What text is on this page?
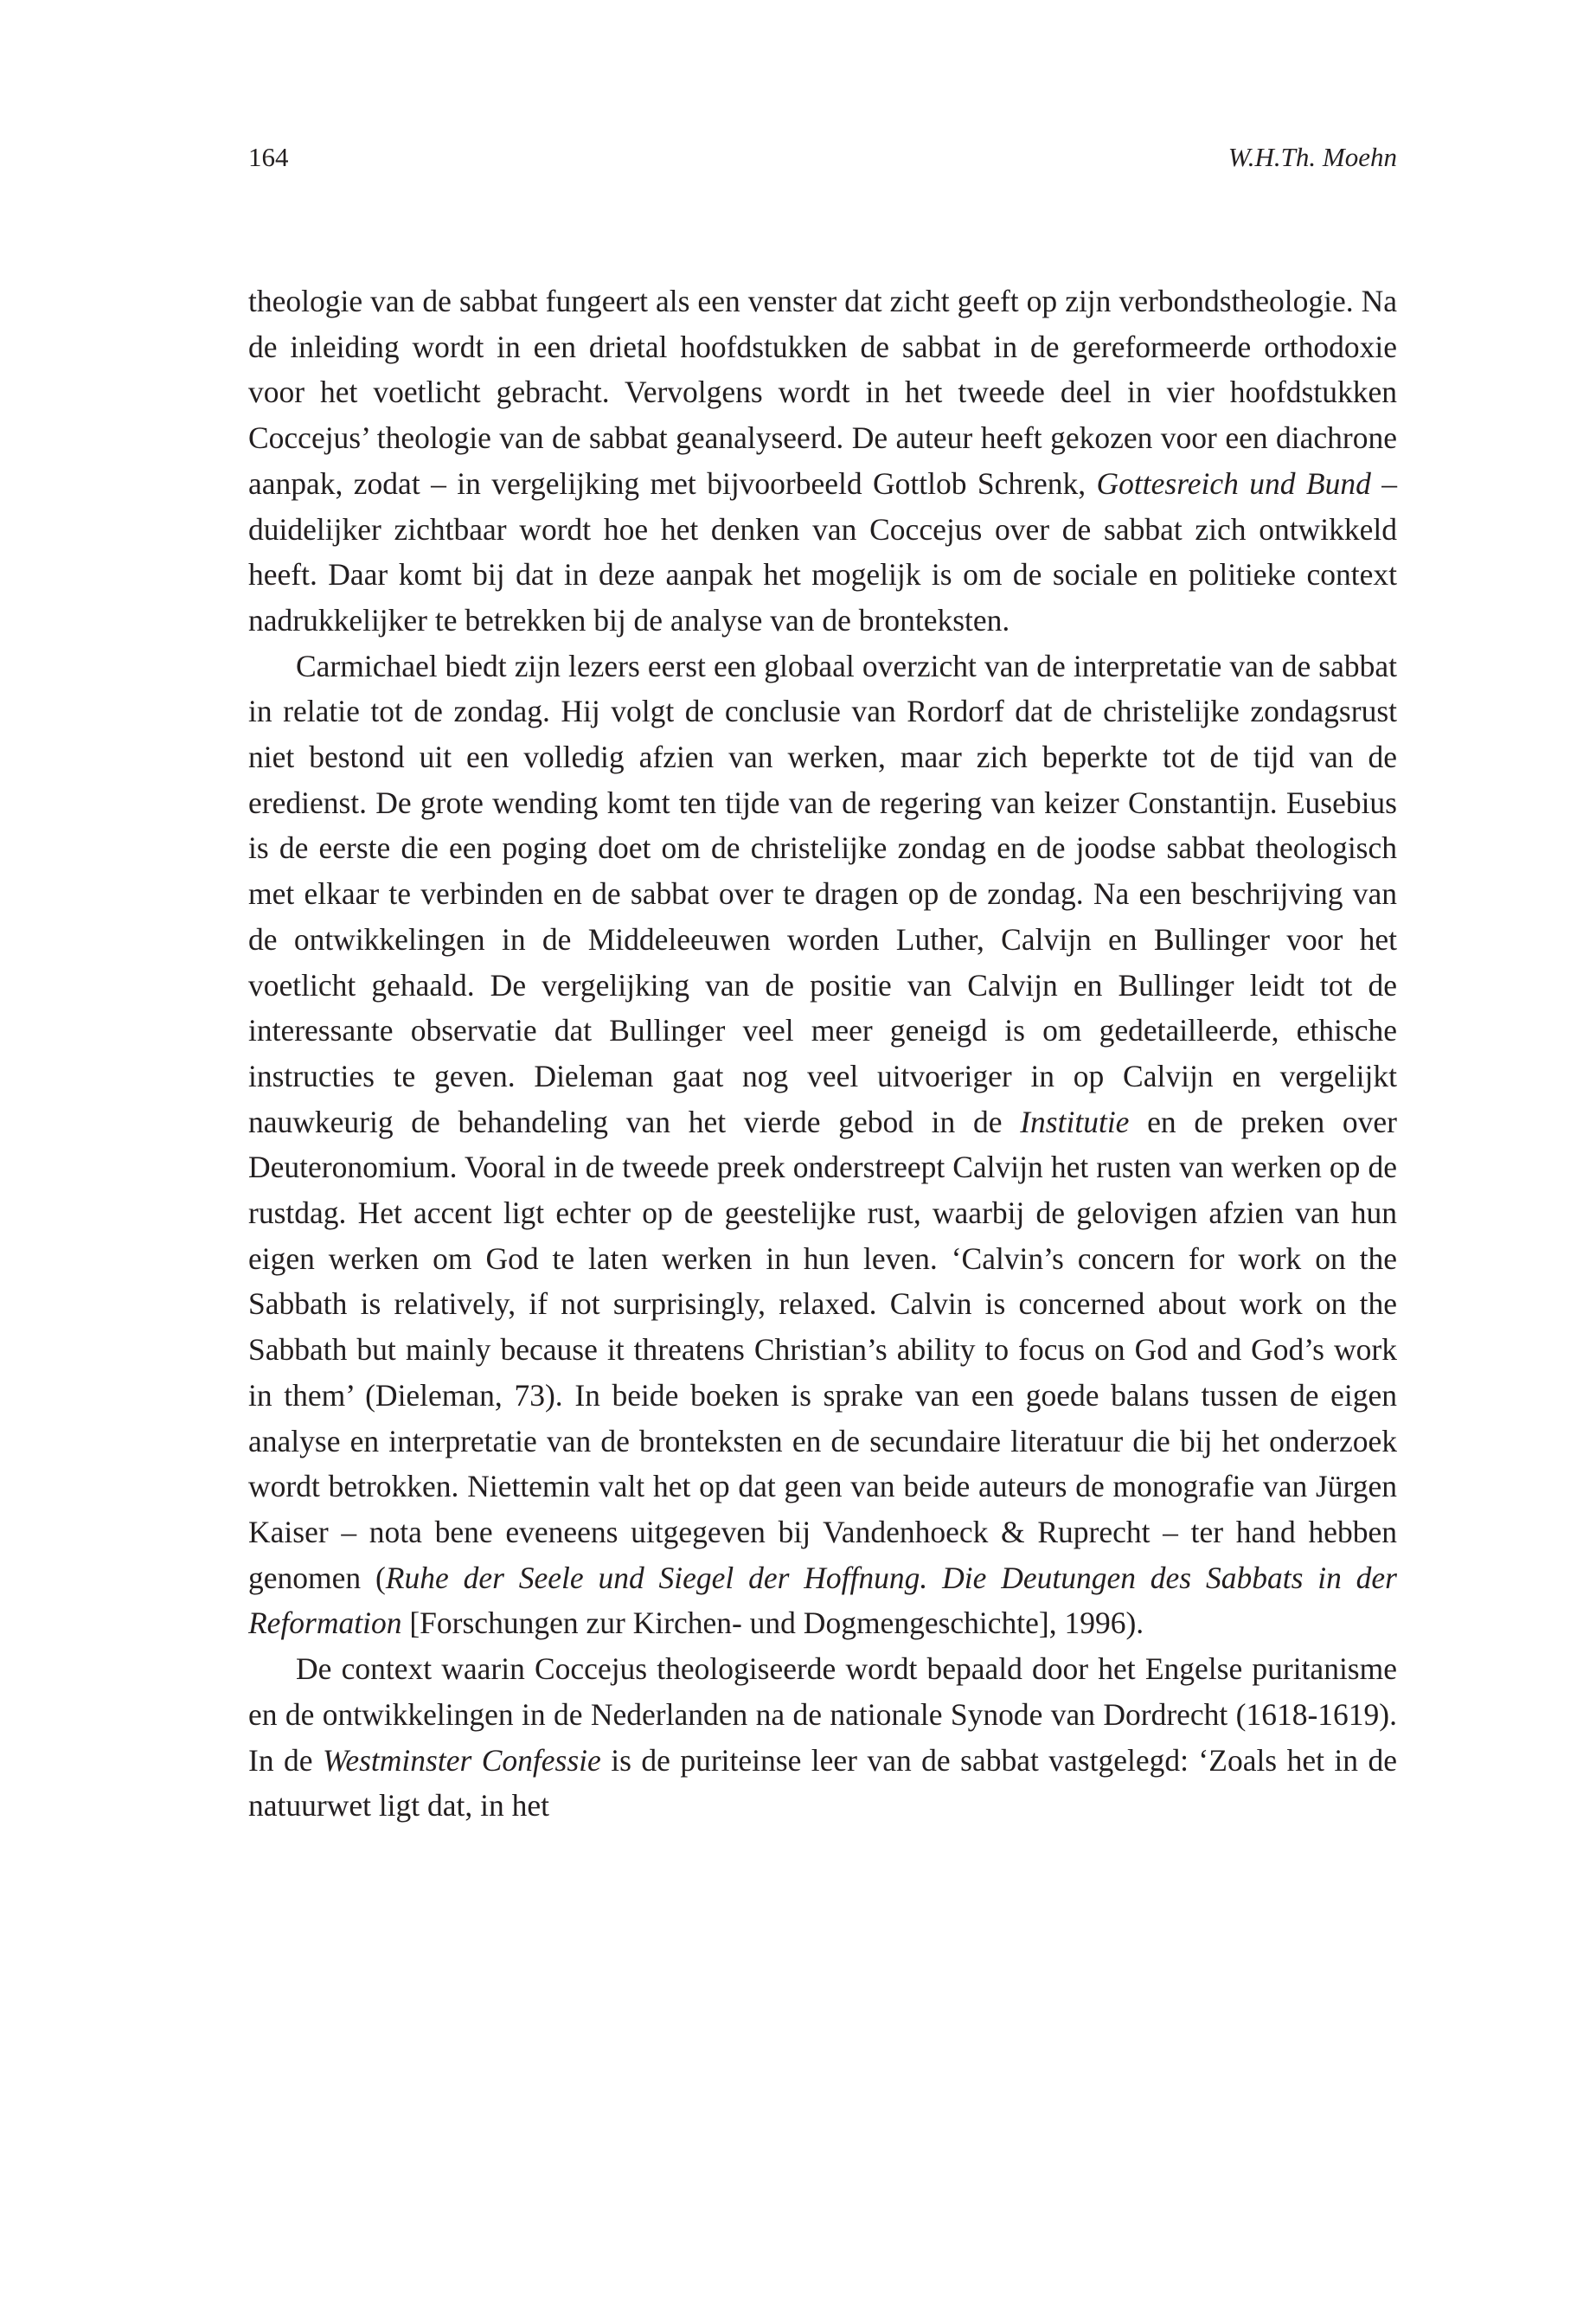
164	W.H.Th. Moehn

theologie van de sabbat fungeert als een venster dat zicht geeft op zijn verbondstheologie. Na de inleiding wordt in een drietal hoofdstukken de sabbat in de gereformeerde orthodoxie voor het voetlicht gebracht. Vervolgens wordt in het tweede deel in vier hoofdstukken Coccejus’ theologie van de sabbat geanalyseerd. De auteur heeft gekozen voor een diachrone aanpak, zodat – in vergelijking met bijvoorbeeld Gottlob Schrenk, Gottesreich und Bund – duidelijker zichtbaar wordt hoe het denken van Coccejus over de sabbat zich ontwikkeld heeft. Daar komt bij dat in deze aanpak het mogelijk is om de sociale en politieke context nadrukkelijker te betrekken bij de analyse van de bronteksten.

Carmichael biedt zijn lezers eerst een globaal overzicht van de interpretatie van de sabbat in relatie tot de zondag. Hij volgt de conclusie van Rordorf dat de christelijke zondagsrust niet bestond uit een volledig afzien van werken, maar zich beperkte tot de tijd van de eredienst. De grote wending komt ten tijde van de regering van keizer Constantijn. Eusebius is de eerste die een poging doet om de christelijke zondag en de joodse sabbat theologisch met elkaar te verbinden en de sabbat over te dragen op de zondag. Na een beschrijving van de ontwikkelingen in de Middeleeuwen worden Luther, Calvijn en Bullinger voor het voetlicht gehaald. De vergelijking van de positie van Calvijn en Bullinger leidt tot de interessante observatie dat Bullinger veel meer geneigd is om gedetailleerde, ethische instructies te geven. Dieleman gaat nog veel uitvoeriger in op Calvijn en vergelijkt nauwkeurig de behandeling van het vierde gebod in de Institutie en de preken over Deuteronomium. Vooral in de tweede preek onderstreept Calvijn het rusten van werken op de rustdag. Het accent ligt echter op de geestelijke rust, waarbij de gelovigen afzien van hun eigen werken om God te laten werken in hun leven. ‘Calvin’s concern for work on the Sabbath is relatively, if not surprisingly, relaxed. Calvin is concerned about work on the Sabbath but mainly because it threatens Christian’s ability to focus on God and God’s work in them’ (Dieleman, 73). In beide boeken is sprake van een goede balans tussen de eigen analyse en interpretatie van de bronteksten en de secundaire literatuur die bij het onderzoek wordt betrokken. Niettemin valt het op dat geen van beide auteurs de monografie van Jürgen Kaiser – nota bene eveneens uitgegeven bij Vandenhoeck & Ruprecht – ter hand hebben genomen (Ruhe der Seele und Siegel der Hoffnung. Die Deutungen des Sabbats in der Reformation [Forschungen zur Kirchen- und Dogmengeschichte], 1996).

De context waarin Coccejus theologiseerde wordt bepaald door het Engelse puritanisme en de ontwikkelingen in de Nederlanden na de nationale Synode van Dordrecht (1618-1619). In de Westminster Confessie is de puriteinse leer van de sabbat vastgelegd: ‘Zoals het in de natuurwet ligt dat, in het
